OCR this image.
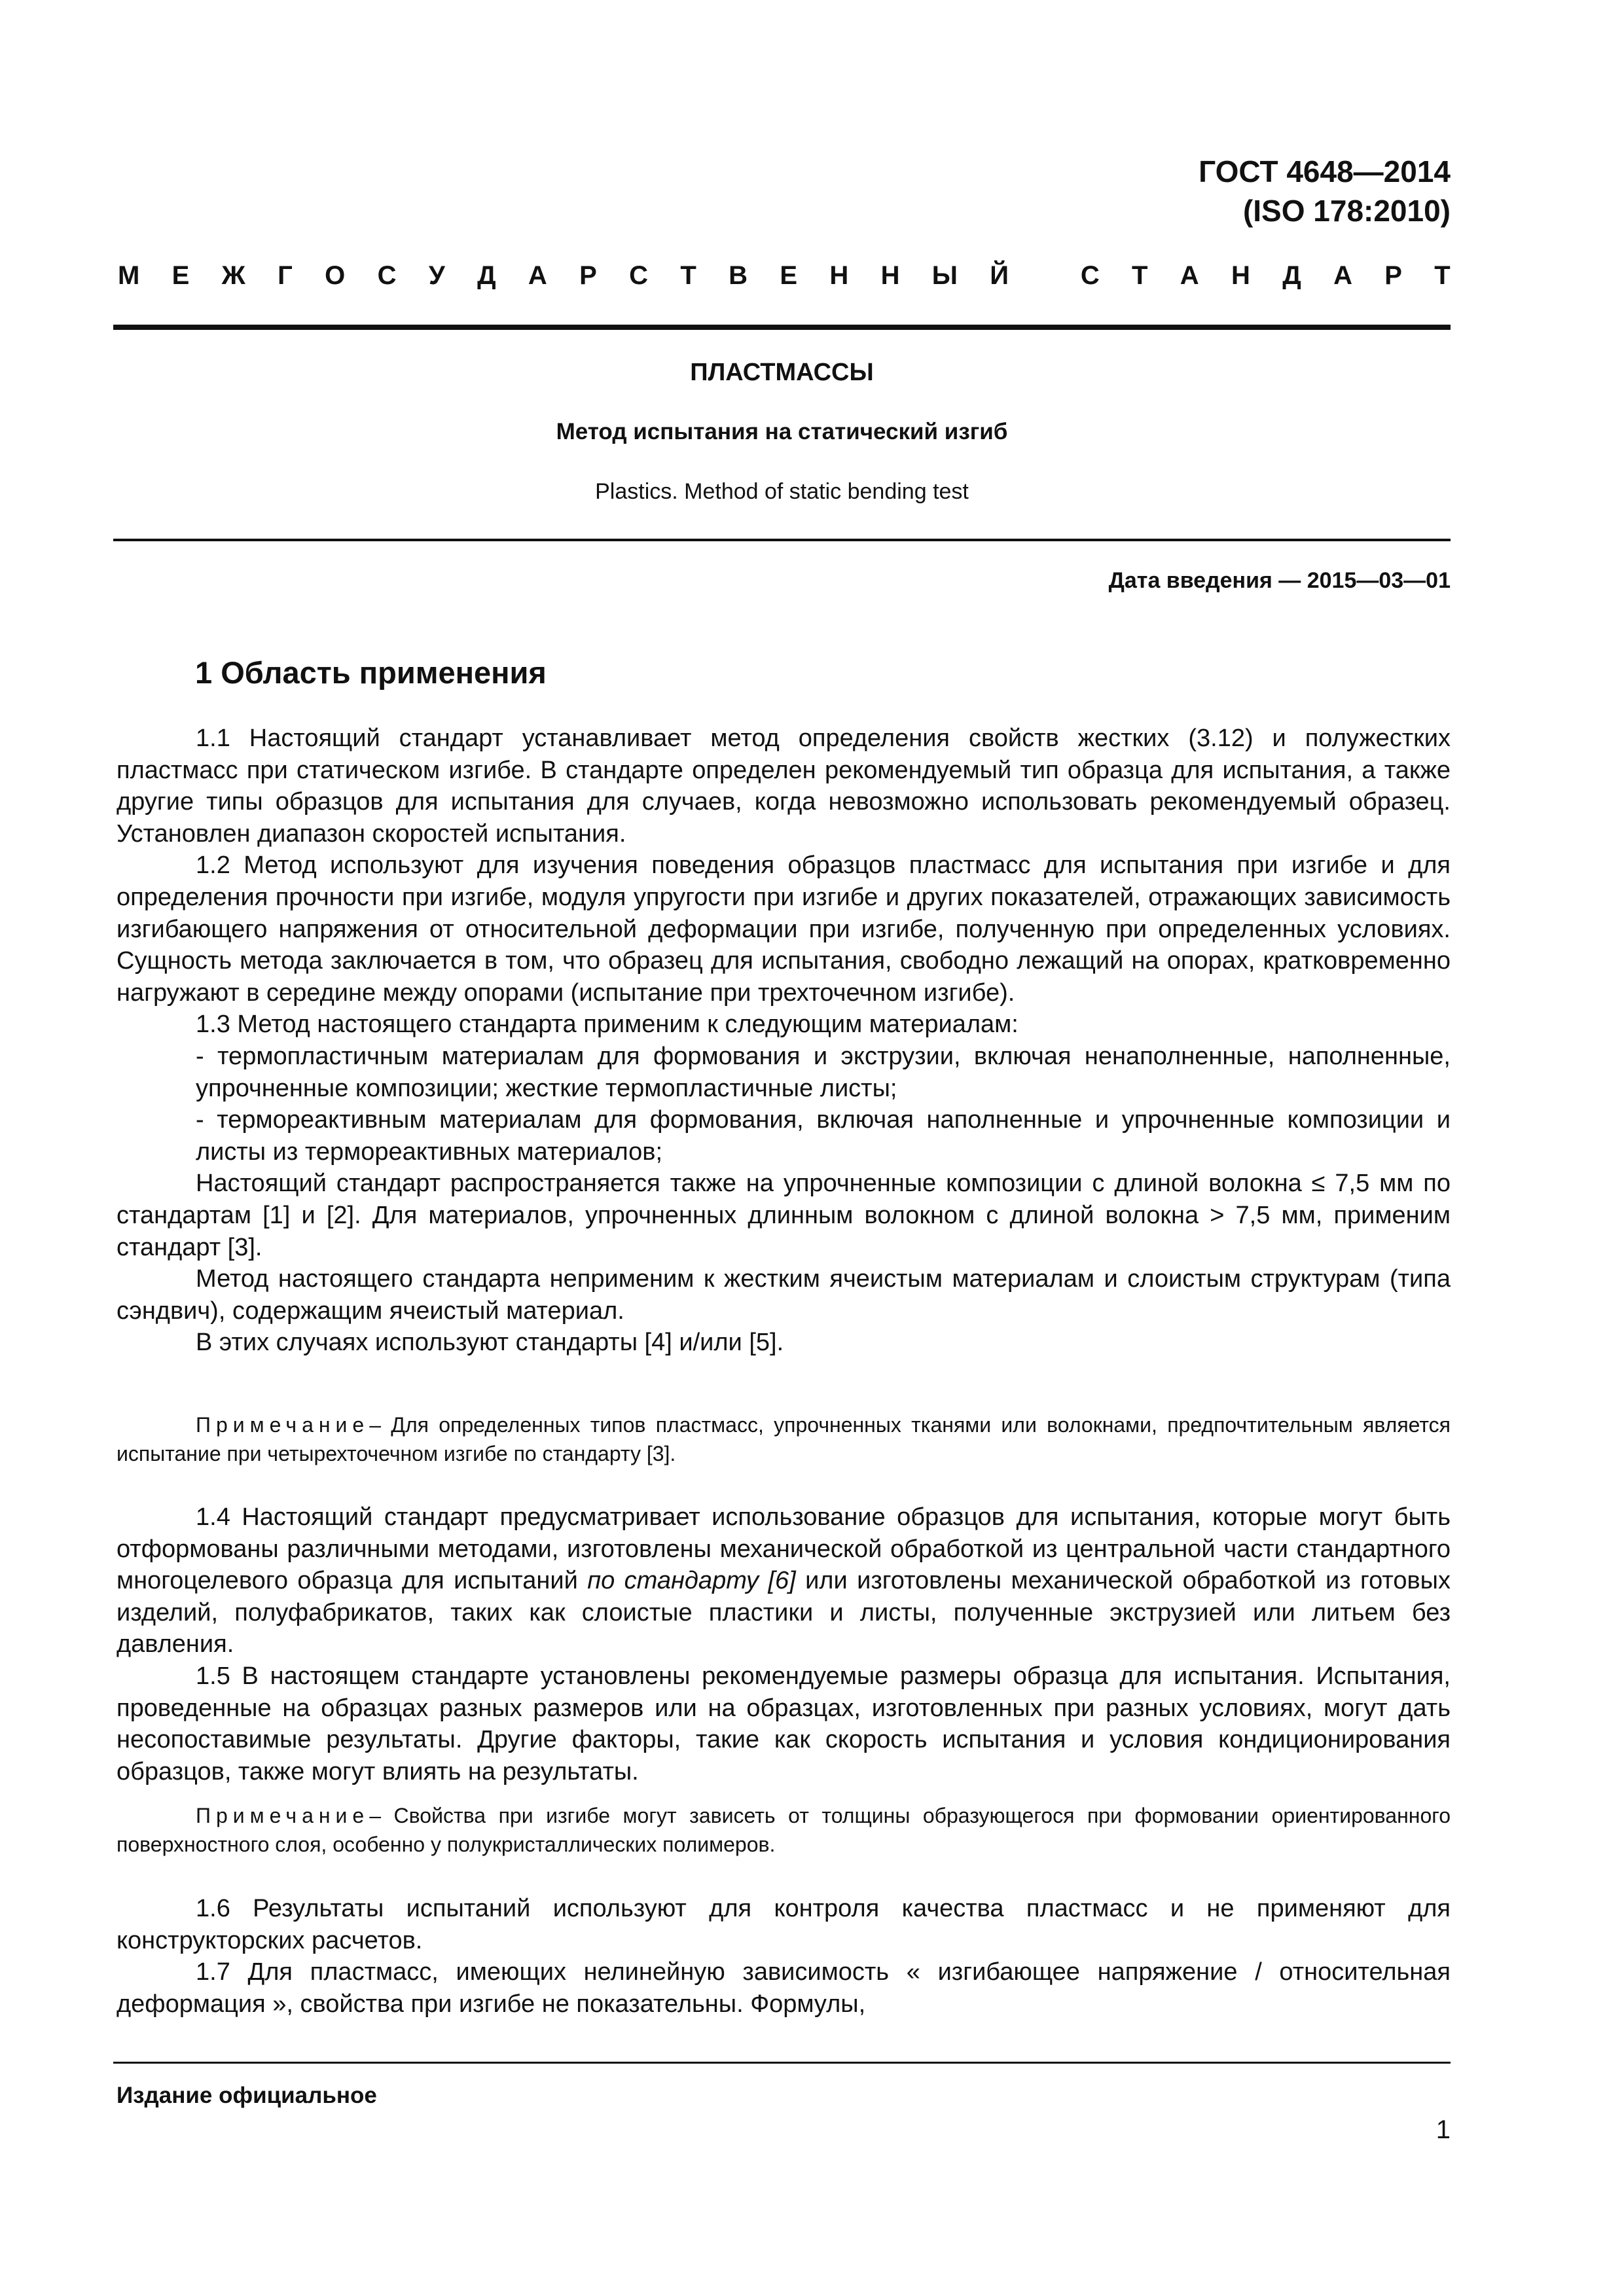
ГОСТ 4648—2014
(ISO 178:2010)
М Е Ж Г О С У Д А Р С Т В Е Н Н Ы Й
	С Т А Н Д А Р Т
ПЛАСТМАССЫ
Метод испытания на статический изгиб
Plastics. Method of static bending test
Дата введения — 2015—03—01
1 Область применения

1.1 Настоящий стандарт устанавливает метод определения свойств жестких (3.12) и полужестких пластмасс при статическом изгибе. В стандарте определен рекомендуемый тип образца для испытания, а также другие типы образцов для испытания для случаев, когда невозможно использовать рекомендуемый образец. Установлен диапазон скоростей испытания.

1.2 Метод используют для изучения поведения образцов пластмасс для испытания при изгибе и для определения прочности при изгибе, модуля упругости при изгибе и других показателей, отражающих зависимость изгибающего напряжения от относительной деформации при изгибе, полученную при определенных условиях. Сущность метода заключается в том, что образец для испытания, свободно лежащий на опорах, кратковременно нагружают в середине между опорами (испытание при трехточечном изгибе).

1.3 Метод настоящего стандарта применим к следующим материалам:

- термопластичным материалам для формования и экструзии, включая ненаполненные, наполненные, упрочненные композиции; жесткие термопластичные листы;

- термореактивным материалам для формования, включая наполненные и упрочненные композиции и листы из термореактивных материалов;

Настоящий стандарт распространяется также на упрочненные композиции с длиной волокна ≤ 7,5 мм по стандартам [1] и [2]. Для материалов, упрочненных длинным волокном с длиной волокна > 7,5 мм, применим стандарт [3].

Метод настоящего стандарта неприменим к жестким ячеистым материалам и слоистым структурам (типа сэндвич), содержащим ячеистый материал.

В этих случаях используют стандарты [4] и/или [5].

Примечание– Для определенных типов пластмасс, упрочненных тканями или волокнами, предпочтительным является испытание при четырехточечном изгибе по стандарту [3].

1.4 Настоящий стандарт предусматривает использование образцов для испытания, которые могут быть отформованы различными методами, изготовлены механической обработкой из центральной части стандартного многоцелевого образца для испытаний по стандарту [6] или изготовлены механической обработкой из готовых изделий, полуфабрикатов, таких как слоистые пластики и листы, полученные экструзией или литьем без давления.

1.5 В настоящем стандарте установлены рекомендуемые размеры образца для испытания. Испытания, проведенные на образцах разных размеров или на образцах, изготовленных при разных условиях, могут дать несопоставимые результаты. Другие факторы, такие как скорость испытания и условия кондиционирования образцов, также могут влиять на результаты.

Примечание– Свойства при изгибе могут зависеть от толщины образующегося при формовании ориентированного поверхностного слоя, особенно у полукристаллических полимеров.

1.6 Результаты испытаний используют для контроля качества пластмасс и не применяют для конструкторских расчетов.

1.7 Для пластмасс, имеющих нелинейную зависимость « изгибающее напряжение / относительная деформация », свойства при изгибе не показательны. Формулы,

Издание официальное
1
